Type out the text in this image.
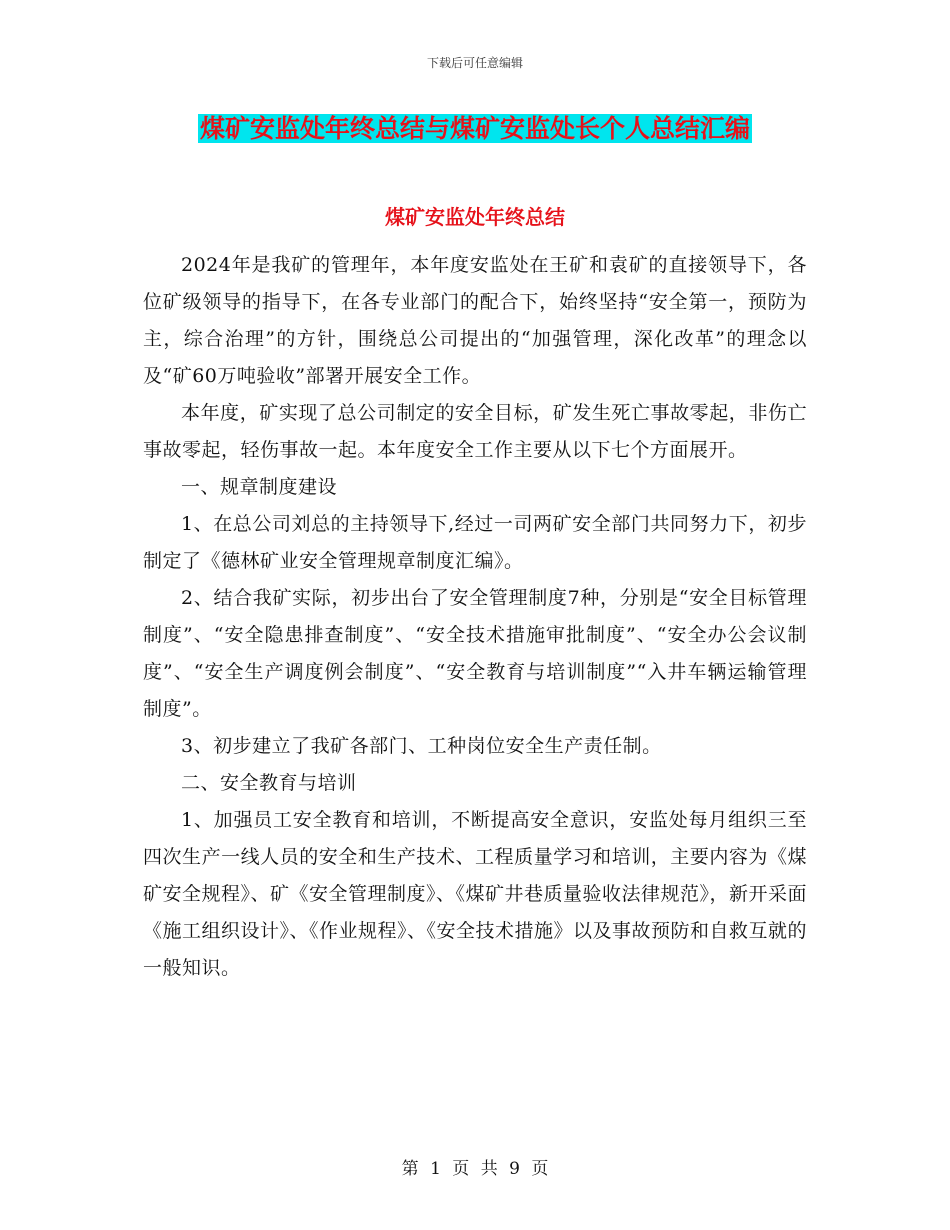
下载后可任意编辑
煤矿安监处年终总结与煤矿安监处长个人总结汇编
煤矿安监处年终总结

2024年是我矿的管理年，本年度安监处在王矿和袁矿的直接领导下，各位矿级领导的指导下，在各专业部门的配合下，始终坚持“安全第一，预防为主，综合治理”的方针，围绕总公司提出的“加强管理，深化改革”的理念以及“矿60万吨验收”部署开展安全工作。

本年度，矿实现了总公司制定的安全目标，矿发生死亡事故零起，非伤亡事故零起，轻伤事故一起。本年度安全工作主要从以下七个方面展开。

一、规章制度建设

1、在总公司刘总的主持领导下,经过一司两矿安全部门共同努力下，初步制定了《德林矿业安全管理规章制度汇编》。

2、结合我矿实际，初步出台了安全管理制度7种，分别是“安全目标管理制度”、“安全隐患排查制度”、“安全技术措施审批制度”、“安全办公会议制度”、“安全生产调度例会制度”、“安全教育与培训制度”“入井车辆运输管理制度”。

3、初步建立了我矿各部门、工种岗位安全生产责任制。

二、安全教育与培训

1、加强员工安全教育和培训，不断提高安全意识，安监处每月组织三至四次生产一线人员的安全和生产技术、工程质量学习和培训，主要内容为《煤矿安全规程》、矿《安全管理制度》、《煤矿井巷质量验收法律规范》，新开采面《施工组织设计》、《作业规程》、《安全技术措施》以及事故预防和自救互就的一般知识。

第 1 页 共 9 页
